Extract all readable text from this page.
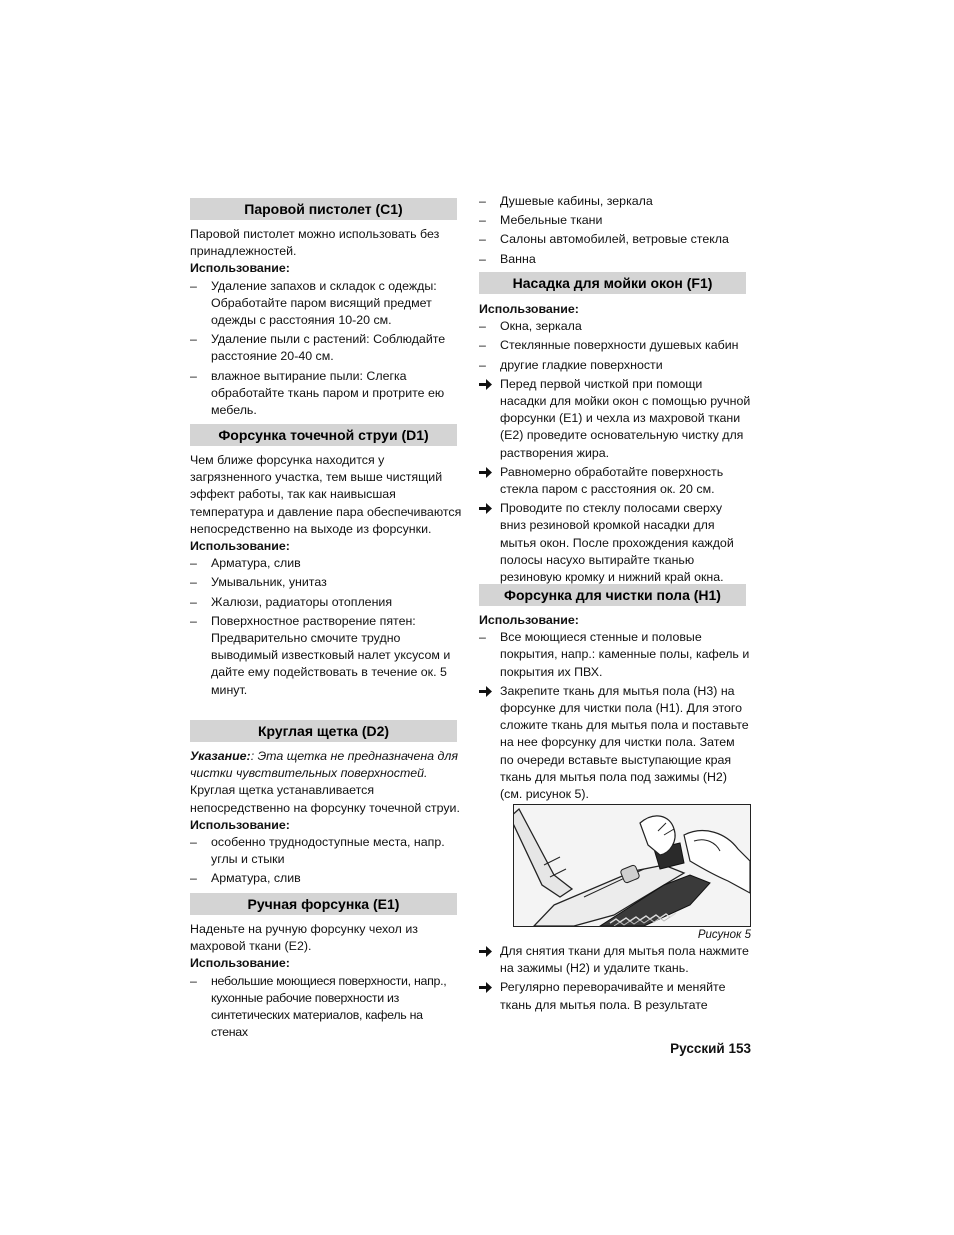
Паровой пистолет (C1)

Паровой пистолет можно использовать без принадлежностей.

Использование:

– Удаление запахов и складок с одежды: Обработайте паром висящий предмет одежды с расстояния 10-20 см.
– Удаление пыли с растений: Соблюдайте расстояние 20-40 см.
– влажное вытирание пыли: Слегка обработайте ткань паром и протрите ею мебель.
Форсунка точечной струи (D1)

Чем ближе форсунка находится у загрязненного участка, тем выше чистящий эффект работы, так как наивысшая температура и давление пара обеспечиваются непосредственно на выходе из форсунки.

Использование:

– Арматура, слив
– Умывальник, унитаз
– Жалюзи, радиаторы отопления
– Поверхностное растворение пятен: Предварительно смочите трудно выводимый известковый налет уксусом и дайте ему подействовать в течение ок. 5 минут.
Круглая щетка (D2)

Указание:: Эта щетка не предназначена для чистки чувствительных поверхностей.

Круглая щетка устанавливается непосредственно на форсунку точечной струи.

Использование:

– особенно труднодоступные места, напр. углы и стыки
– Арматура, слив
Ручная форсунка (E1)

Наденьте на ручную форсунку чехол из махровой ткани (E2).

Использование:

– небольшие моющиеся поверхности, напр., кухонные рабочие поверхности из синтетических материалов, кафель на стенах
– Душевые кабины, зеркала
– Мебельные ткани
– Салоны автомобилей, ветровые стекла
– Ванна
Насадка для мойки окон (F1)

Использование:

– Окна, зеркала
– Стеклянные поверхности душевых кабин
– другие гладкие поверхности
Перед первой чисткой при помощи насадки для мойки окон с помощью ручной форсунки (E1) и чехла из махровой ткани (E2) проведите основательную чистку для растворения жира.
Равномерно обработайте поверхность стекла паром с расстояния ок. 20 см.
Проводите по стеклу полосами сверху вниз резиновой кромкой насадки для мытья окон. После прохождения каждой полосы насухо вытирайте тканью резиновую кромку и нижний край окна.
Форсунка для чистки пола (H1)

Использование:

– Все моющиеся стенные и половые покрытия, напр.: каменные полы, кафель и покрытия их ПВХ.
Закрепите ткань для мытья пола (H3) на форсунке для чистки пола (H1). Для этого сложите ткань для мытья пола и поставьте на нее форсунку для чистки пола. Затем по очереди вставьте выступающие края ткань для мытья пола под зажимы (H2) (см. рисунок 5).
Для снятия ткани для мытья пола нажмите на зажимы (H2) и удалите ткань.
Регулярно переворачивайте и меняйте ткань для мытья пола. В результате
Рисунок 5
Русский 153
